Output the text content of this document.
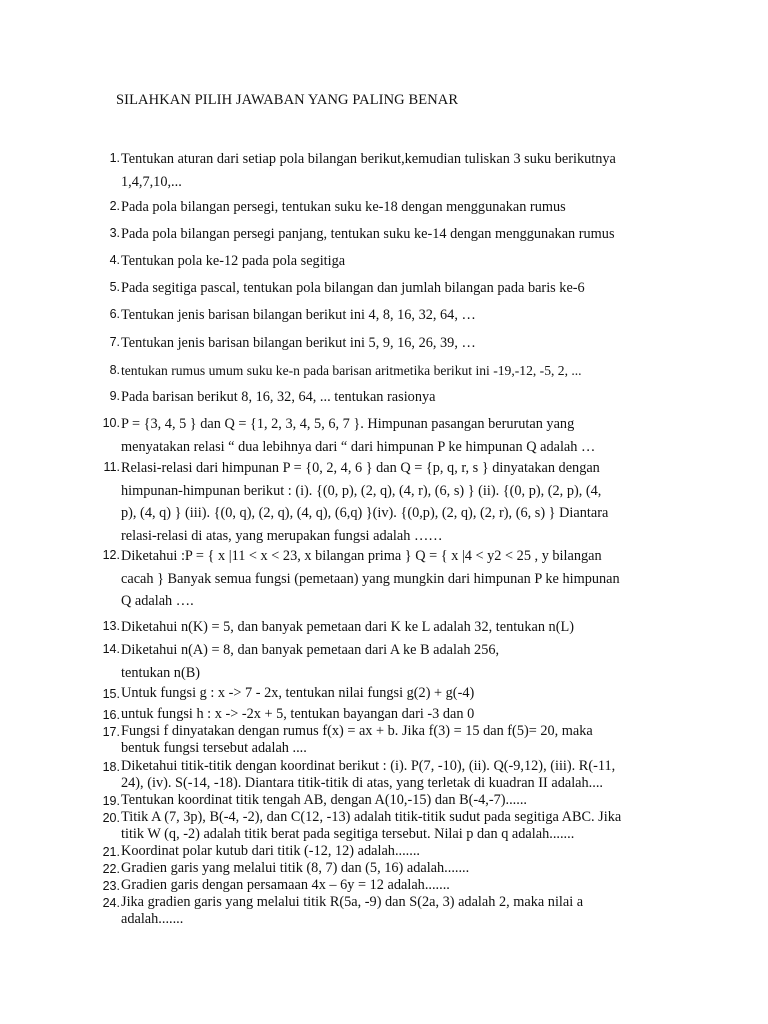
SILAHKAN PILIH JAWABAN YANG PALING BENAR
1. Tentukan aturan dari setiap pola bilangan berikut,kemudian tuliskan 3 suku berikutnya
1,4,7,10,...
2. Pada pola bilangan persegi, tentukan suku ke-18 dengan menggunakan rumus
3. Pada pola bilangan persegi panjang, tentukan suku ke-14 dengan menggunakan rumus
4. Tentukan pola ke-12 pada pola segitiga
5. Pada segitiga pascal, tentukan pola bilangan dan jumlah bilangan pada baris ke-6
6. Tentukan jenis barisan bilangan berikut ini 4, 8, 16, 32, 64, …
7. Tentukan jenis barisan bilangan berikut ini 5, 9, 16, 26, 39, …
8. tentukan rumus umum suku ke-n pada barisan aritmetika berikut ini -19,-12, -5, 2, ...
9. Pada barisan berikut 8, 16, 32, 64, ... tentukan rasionya
10. P = {3, 4, 5 } dan Q = {1, 2, 3, 4, 5, 6, 7 }. Himpunan pasangan berurutan yang
menyatakan relasi “ dua lebihnya dari “ dari himpunan P ke himpunan Q adalah …
11. Relasi-relasi dari himpunan P = {0, 2, 4, 6 } dan Q = {p, q, r, s } dinyatakan dengan
himpunan-himpunan berikut : (i). {(0, p), (2, q), (4, r), (6, s) } (ii). {(0, p), (2, p), (4,
p), (4, q) } (iii). {(0, q), (2, q), (4, q), (6,q) }(iv). {(0,p), (2, q), (2, r), (6, s) } Diantara
relasi-relasi di atas, yang merupakan fungsi adalah ……
12. Diketahui :P = { x |11 < x < 23, x bilangan prima } Q = { x |4 < y2 < 25 , y bilangan
cacah } Banyak semua fungsi (pemetaan) yang mungkin dari himpunan P ke himpunan
Q adalah ….
13. Diketahui n(K) = 5, dan banyak pemetaan dari K ke L adalah 32, tentukan n(L)
14. Diketahui n(A) = 8, dan banyak pemetaan dari A ke B adalah 256,
tentukan n(B)
15. Untuk fungsi g : x -> 7 - 2x, tentukan nilai fungsi g(2) + g(-4)
16. untuk fungsi h : x -> -2x + 5, tentukan bayangan dari -3 dan 0
17. Fungsi f dinyatakan dengan rumus f(x) = ax + b. Jika f(3) = 15 dan f(5)= 20, maka
bentuk fungsi tersebut adalah ....
18. Diketahui titik-titik dengan koordinat berikut : (i). P(7, -10), (ii). Q(-9,12), (iii). R(-11,
24), (iv). S(-14, -18). Diantara titik-titik di atas, yang terletak di kuadran II adalah....
19. Tentukan koordinat titik tengah AB, dengan A(10,-15) dan B(-4,-7)......
20. Titik A (7, 3p), B(-4, -2), dan C(12, -13) adalah titik-titik sudut pada segitiga ABC. Jika
titik W (q, -2) adalah titik berat pada segitiga tersebut. Nilai p dan q adalah.......
21. Koordinat polar kutub dari titik (-12, 12) adalah.......
22. Gradien garis yang melalui titik (8, 7) dan (5, 16) adalah.......
23. Gradien garis dengan persamaan 4x – 6y = 12 adalah.......
24. Jika gradien garis yang melalui titik R(5a, -9) dan S(2a, 3) adalah 2, maka nilai a
adalah.......
